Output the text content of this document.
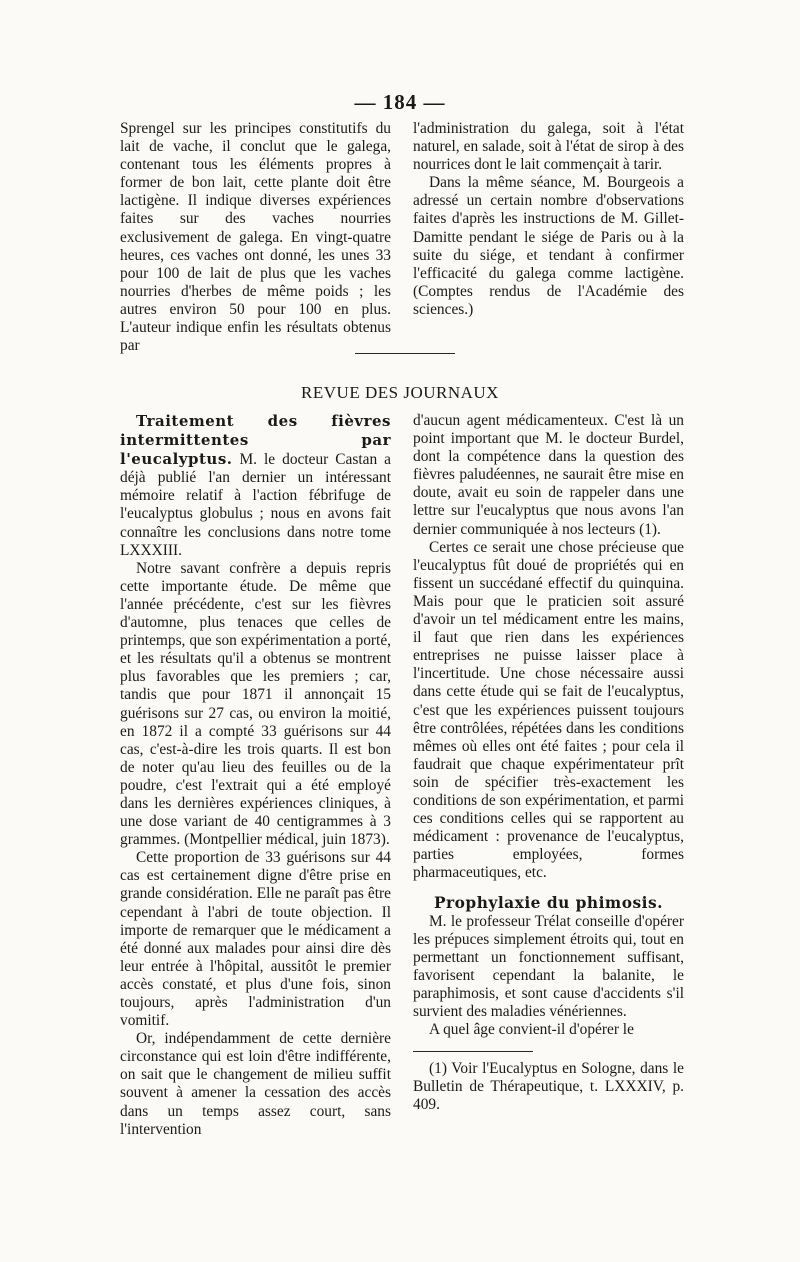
— 184 —

Sprengel sur les principes constitutifs du lait de vache, il conclut que le galega, contenant tous les éléments propres à former de bon lait, cette plante doit être lactigène. Il indique diverses expériences faites sur des vaches nourries exclusivement de galega. En vingt-quatre heures, ces vaches ont donné, les unes 33 pour 100 de lait de plus que les vaches nourries d'herbes de même poids ; les autres environ 50 pour 100 en plus. L'auteur indique enfin les résultats obtenus par

l'administration du galega, soit à l'état naturel, en salade, soit à l'état de sirop à des nourrices dont le lait commençait à tarir.

Dans la même séance, M. Bourgeois a adressé un certain nombre d'observations faites d'après les instructions de M. Gillet-Damitte pendant le siége de Paris ou à la suite du siége, et tendant à confirmer l'efficacité du galega comme lactigène. (Comptes rendus de l'Académie des sciences.)

REVUE DES JOURNAUX

Traitement des fièvres intermittentes par l'eucalyptus. M. le docteur Castan a déjà publié l'an dernier un intéressant mémoire relatif à l'action fébrifuge de l'eucalyptus globulus ; nous en avons fait connaître les conclusions dans notre tome LXXXIII.

Notre savant confrère a depuis repris cette importante étude. De même que l'année précédente, c'est sur les fièvres d'automne, plus tenaces que celles de printemps, que son expérimentation a porté, et les résultats qu'il a obtenus se montrent plus favorables que les premiers ; car, tandis que pour 1871 il annonçait 15 guérisons sur 27 cas, ou environ la moitié, en 1872 il a compté 33 guérisons sur 44 cas, c'est-à-dire les trois quarts. Il est bon de noter qu'au lieu des feuilles ou de la poudre, c'est l'extrait qui a été employé dans les dernières expériences cliniques, à une dose variant de 40 centigrammes à 3 grammes. (Montpellier médical, juin 1873).

Cette proportion de 33 guérisons sur 44 cas est certainement digne d'être prise en grande considération. Elle ne paraît pas être cependant à l'abri de toute objection. Il importe de remarquer que le médicament a été donné aux malades pour ainsi dire dès leur entrée à l'hôpital, aussitôt le premier accès constaté, et plus d'une fois, sinon toujours, après l'administration d'un vomitif.

Or, indépendamment de cette dernière circonstance qui est loin d'être indifférente, on sait que le changement de milieu suffit souvent à amener la cessation des accès dans un temps assez court, sans l'intervention

d'aucun agent médicamenteux. C'est là un point important que M. le docteur Burdel, dont la compétence dans la question des fièvres paludéennes, ne saurait être mise en doute, avait eu soin de rappeler dans une lettre sur l'eucalyptus que nous avons l'an dernier communiquée à nos lecteurs (1).

Certes ce serait une chose précieuse que l'eucalyptus fût doué de propriétés qui en fissent un succédané effectif du quinquina. Mais pour que le praticien soit assuré d'avoir un tel médicament entre les mains, il faut que rien dans les expériences entreprises ne puisse laisser place à l'incertitude. Une chose nécessaire aussi dans cette étude qui se fait de l'eucalyptus, c'est que les expériences puissent toujours être contrôlées, répétées dans les conditions mêmes où elles ont été faites ; pour cela il faudrait que chaque expérimentateur prît soin de spécifier très-exactement les conditions de son expérimentation, et parmi ces conditions celles qui se rapportent au médicament : provenance de l'eucalyptus, parties employées, formes pharmaceutiques, etc.

Prophylaxie du phimosis.

M. le professeur Trélat conseille d'opérer les prépuces simplement étroits qui, tout en permettant un fonctionnement suffisant, favorisent cependant la balanite, le paraphimosis, et sont cause d'accidents s'il survient des maladies vénériennes.

A quel âge convient-il d'opérer le

(1) Voir l'Eucalyptus en Sologne, dans le Bulletin de Thérapeutique, t. LXXXIV, p. 409.
